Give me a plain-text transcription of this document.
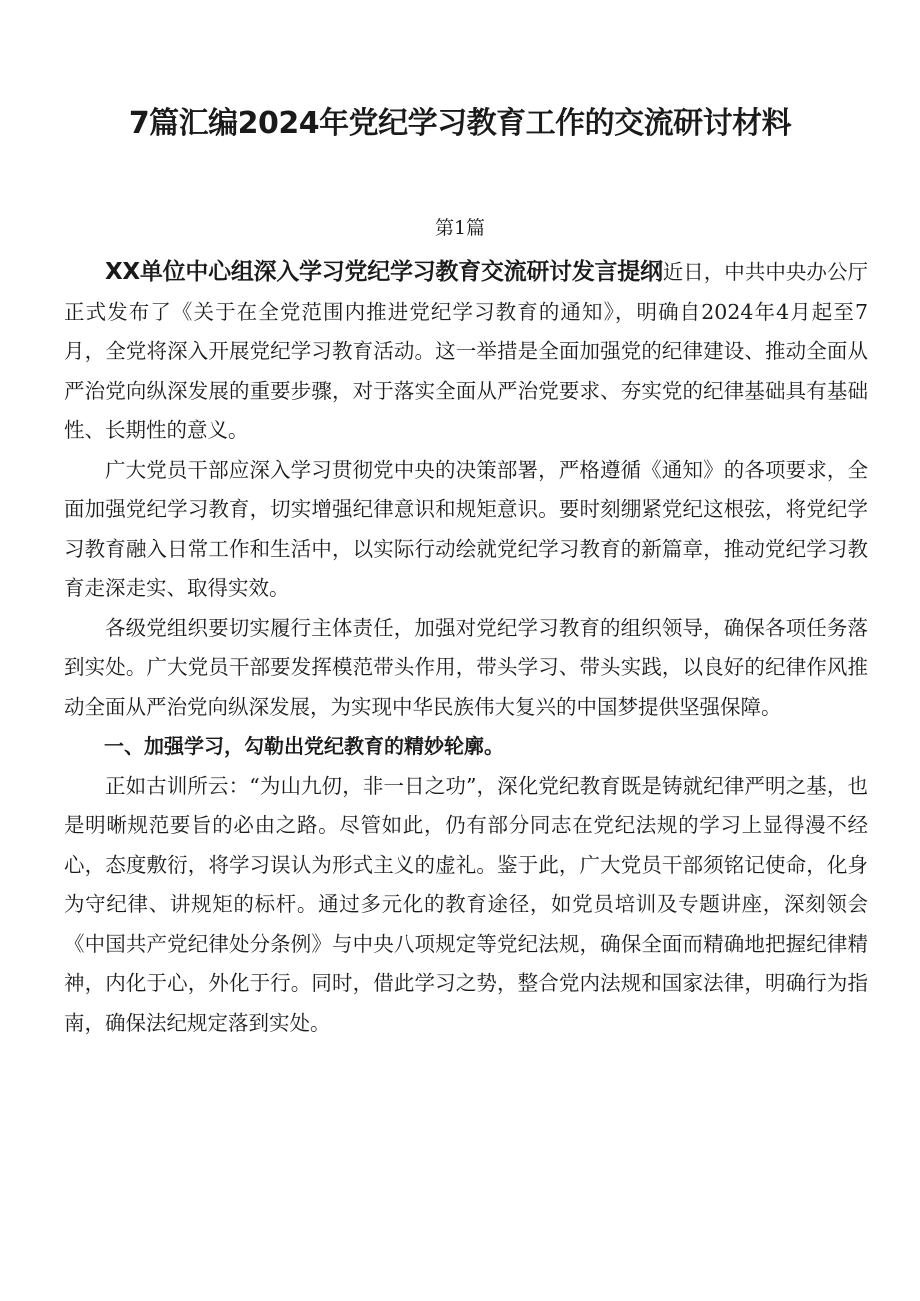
7篇汇编2024年党纪学习教育工作的交流研讨材料
第1篇

XX单位中心组深入学习党纪学习教育交流研讨发言提纲近日，中共中央办公厅正式发布了《关于在全党范围内推进党纪学习教育的通知》，明确自2024年4月起至7月，全党将深入开展党纪学习教育活动。这一举措是全面加强党的纪律建设、推动全面从严治党向纵深发展的重要步骤，对于落实全面从严治党要求、夯实党的纪律基础具有基础性、长期性的意义。

广大党员干部应深入学习贯彻党中央的决策部署，严格遵循《通知》的各项要求，全面加强党纪学习教育，切实增强纪律意识和规矩意识。要时刻绷紧党纪这根弦，将党纪学习教育融入日常工作和生活中，以实际行动绘就党纪学习教育的新篇章，推动党纪学习教育走深走实、取得实效。

各级党组织要切实履行主体责任，加强对党纪学习教育的组织领导，确保各项任务落到实处。广大党员干部要发挥模范带头作用，带头学习、带头实践，以良好的纪律作风推动全面从严治党向纵深发展，为实现中华民族伟大复兴的中国梦提供坚强保障。

一、加强学习，勾勒出党纪教育的精妙轮廓。

正如古训所云：“为山九仞，非一日之功”，深化党纪教育既是铸就纪律严明之基，也是明晰规范要旨的必由之路。尽管如此，仍有部分同志在党纪法规的学习上显得漫不经心，态度敷衍，将学习误认为形式主义的虚礼。鉴于此，广大党员干部须铭记使命，化身为守纪律、讲规矩的标杆。通过多元化的教育途径，如党员培训及专题讲座，深刻领会《中国共产党纪律处分条例》与中央八项规定等党纪法规，确保全面而精确地把握纪律精神，内化于心，外化于行。同时，借此学习之势，整合党内法规和国家法律，明确行为指南，确保法纪规定落到实处。
